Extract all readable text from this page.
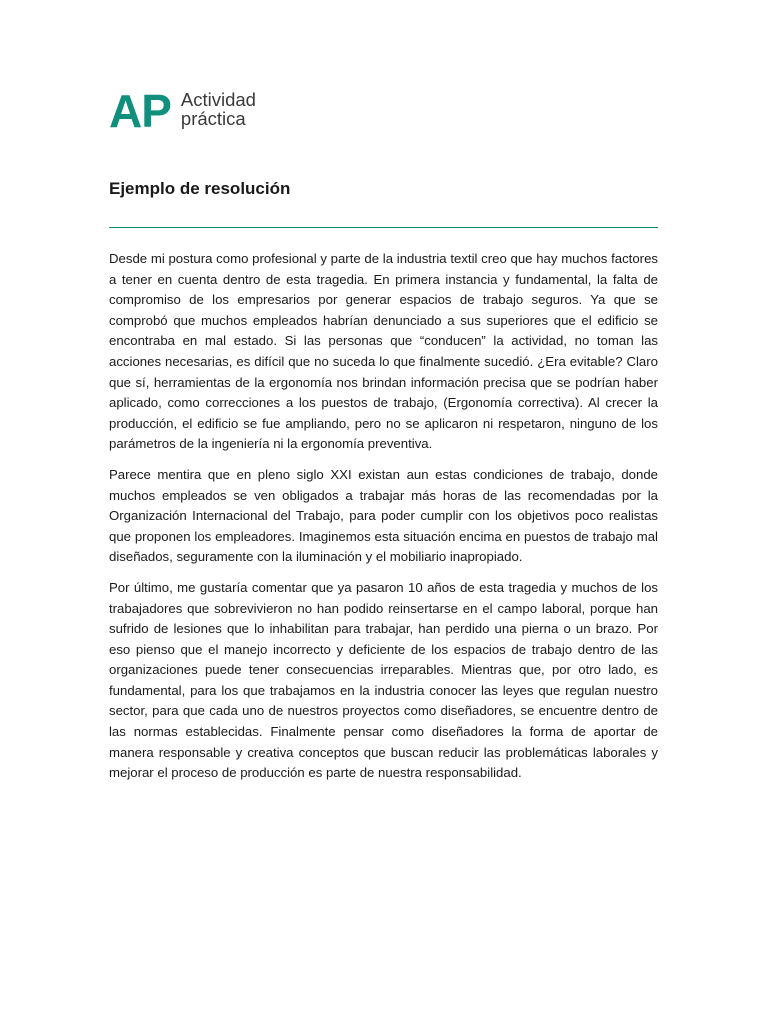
AP Actividad
práctica
Ejemplo de resolución

Desde mi postura como profesional y parte de la industria textil creo que hay muchos factores a tener en cuenta dentro de esta tragedia. En primera instancia y fundamental, la falta de compromiso de los empresarios por generar espacios de trabajo seguros. Ya que se comprobó que muchos empleados habrían denunciado a sus superiores que el edificio se encontraba en mal estado. Si las personas que “conducen” la actividad, no toman las acciones necesarias, es difícil que no suceda lo que finalmente sucedió. ¿Era evitable? Claro que sí, herramientas de la ergonomía nos brindan información precisa que se podrían haber aplicado, como correcciones a los puestos de trabajo, (Ergonomía correctiva). Al crecer la producción, el edificio se fue ampliando, pero no se aplicaron ni respetaron, ninguno de los parámetros de la ingeniería ni la ergonomía preventiva.

Parece mentira que en pleno siglo XXI existan aun estas condiciones de trabajo, donde muchos empleados se ven obligados a trabajar más horas de las recomendadas por la Organización Internacional del Trabajo, para poder cumplir con los objetivos poco realistas que proponen los empleadores. Imaginemos esta situación encima en puestos de trabajo mal diseñados, seguramente con la iluminación y el mobiliario inapropiado.

Por último, me gustaría comentar que ya pasaron 10 años de esta tragedia y muchos de los trabajadores que sobrevivieron no han podido reinsertarse en el campo laboral, porque han sufrido de lesiones que lo inhabilitan para trabajar, han perdido una pierna o un brazo. Por eso pienso que el manejo incorrecto y deficiente de los espacios de trabajo dentro de las organizaciones puede tener consecuencias irreparables. Mientras que, por otro lado, es fundamental, para los que trabajamos en la industria conocer las leyes que regulan nuestro sector, para que cada uno de nuestros proyectos como diseñadores, se encuentre dentro de las normas establecidas. Finalmente pensar como diseñadores la forma de aportar de manera responsable y creativa conceptos que buscan reducir las problemáticas laborales y mejorar el proceso de producción es parte de nuestra responsabilidad.
